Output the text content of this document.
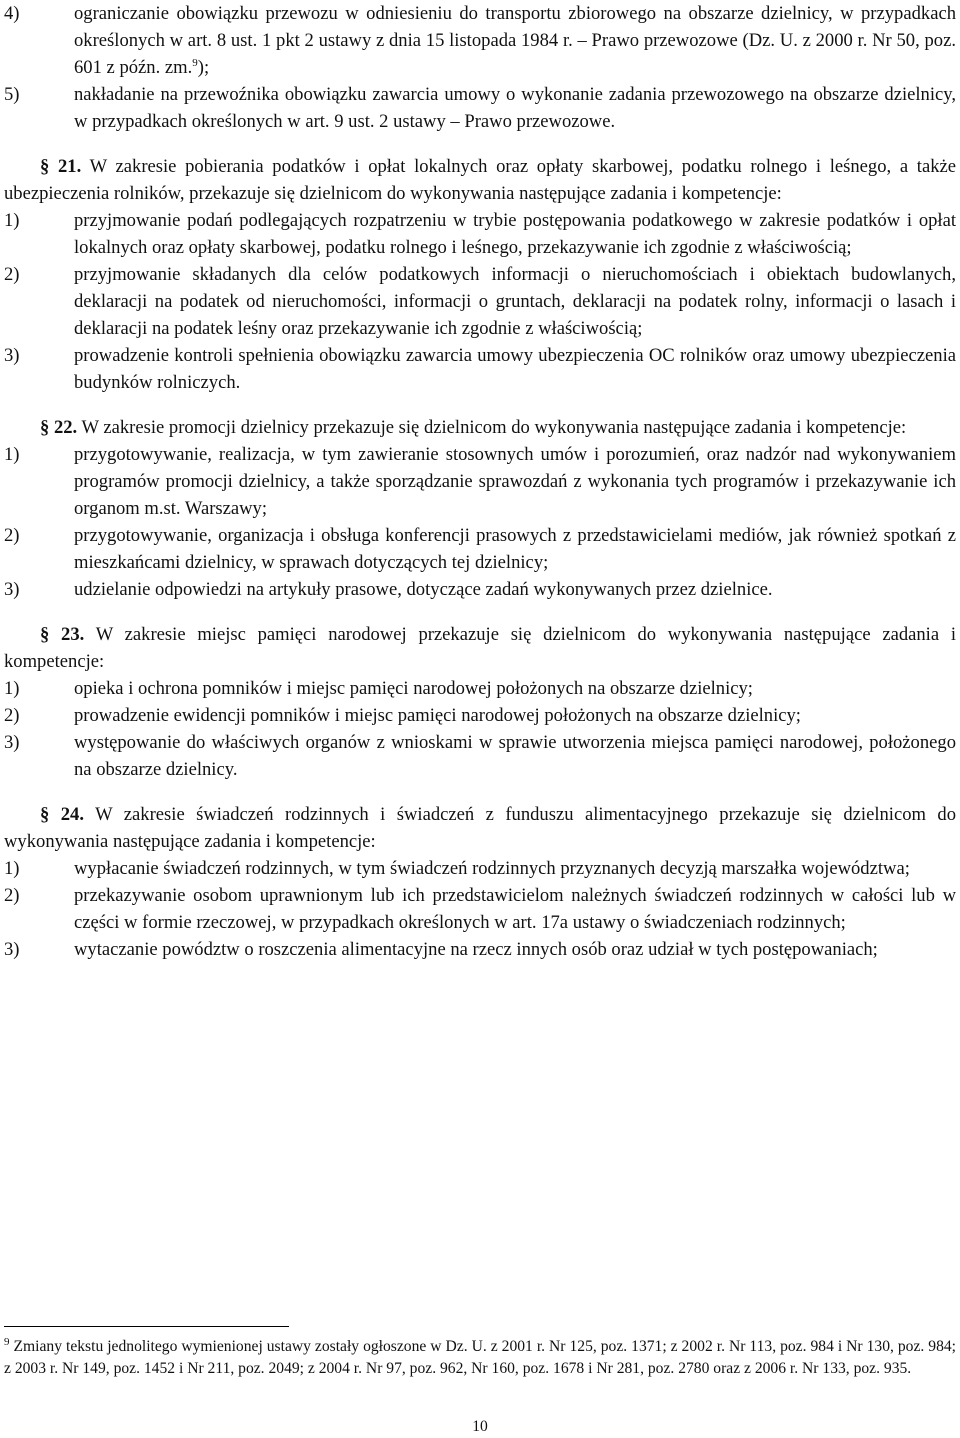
4)	ograniczanie obowiązku przewozu w odniesieniu do transportu zbiorowego na obszarze dzielnicy, w przypadkach określonych w art. 8 ust. 1 pkt 2 ustawy z dnia 15 listopada 1984 r. – Prawo przewozowe (Dz. U. z 2000 r. Nr 50, poz. 601 z późn. zm.$^9$);
5)	nakładanie na przewoźnika obowiązku zawarcia umowy o wykonanie zadania przewozowego na obszarze dzielnicy, w przypadkach określonych w art. 9 ust. 2 ustawy – Prawo przewozowe.
§ 21. W zakresie pobierania podatków i opłat lokalnych oraz opłaty skarbowej, podatku rolnego i leśnego, a także ubezpieczenia rolników, przekazuje się dzielnicom do wykonywania następujące zadania i kompetencje:
1)	przyjmowanie podań podlegających rozpatrzeniu w trybie postępowania podatkowego w zakresie podatków i opłat lokalnych oraz opłaty skarbowej, podatku rolnego i leśnego, przekazywanie ich zgodnie z właściwością;
2)	przyjmowanie składanych dla celów podatkowych informacji o nieruchomościach i obiektach budowlanych, deklaracji na podatek od nieruchomości, informacji o gruntach, deklaracji na podatek rolny, informacji o lasach i deklaracji na podatek leśny oraz przekazywanie ich zgodnie z właściwością;
3)	prowadzenie kontroli spełnienia obowiązku zawarcia umowy ubezpieczenia OC rolników oraz umowy ubezpieczenia budynków rolniczych.
§ 22. W zakresie promocji dzielnicy przekazuje się dzielnicom do wykonywania następujące zadania i kompetencje:
1)	przygotowywanie, realizacja, w tym zawieranie stosownych umów i porozumień, oraz nadzór nad wykonywaniem programów promocji dzielnicy, a także sporządzanie sprawozdań z wykonania tych programów i przekazywanie ich organom m.st. Warszawy;
2)	przygotowywanie, organizacja i obsługa konferencji prasowych z przedstawicielami mediów, jak również spotkań z mieszkańcami dzielnicy, w sprawach dotyczących tej dzielnicy;
3)	udzielanie odpowiedzi na artykuły prasowe, dotyczące zadań wykonywanych przez dzielnice.
§ 23. W zakresie miejsc pamięci narodowej przekazuje się dzielnicom do wykonywania następujące zadania i kompetencje:
1)	opieka i ochrona pomników i miejsc pamięci narodowej położonych na obszarze dzielnicy;
2)	prowadzenie ewidencji pomników i miejsc pamięci narodowej położonych na obszarze dzielnicy;
3)	występowanie do właściwych organów z wnioskami w sprawie utworzenia miejsca pamięci narodowej, położonego na obszarze dzielnicy.
§ 24. W zakresie świadczeń rodzinnych i świadczeń z funduszu alimentacyjnego przekazuje się dzielnicom do wykonywania następujące zadania i kompetencje:
1)	wypłacanie świadczeń rodzinnych, w tym świadczeń rodzinnych przyznanych decyzją marszałka województwa;
2)	przekazywanie osobom uprawnionym lub ich przedstawicielom należnych świadczeń rodzinnych w całości lub w części w formie rzeczowej, w przypadkach określonych w art. 17a ustawy o świadczeniach rodzinnych;
3)	wytaczanie powództw o roszczenia alimentacyjne na rzecz innych osób oraz udział w tych postępowaniach;
$^9$ Zmiany tekstu jednolitego wymienionej ustawy zostały ogłoszone w Dz. U. z 2001 r. Nr 125, poz. 1371; z 2002 r. Nr 113, poz. 984 i Nr 130, poz. 984; z 2003 r. Nr 149, poz. 1452 i Nr 211, poz. 2049; z 2004 r. Nr 97, poz. 962, Nr 160, poz. 1678 i Nr 281, poz. 2780 oraz z 2006 r. Nr 133, poz. 935.
10
